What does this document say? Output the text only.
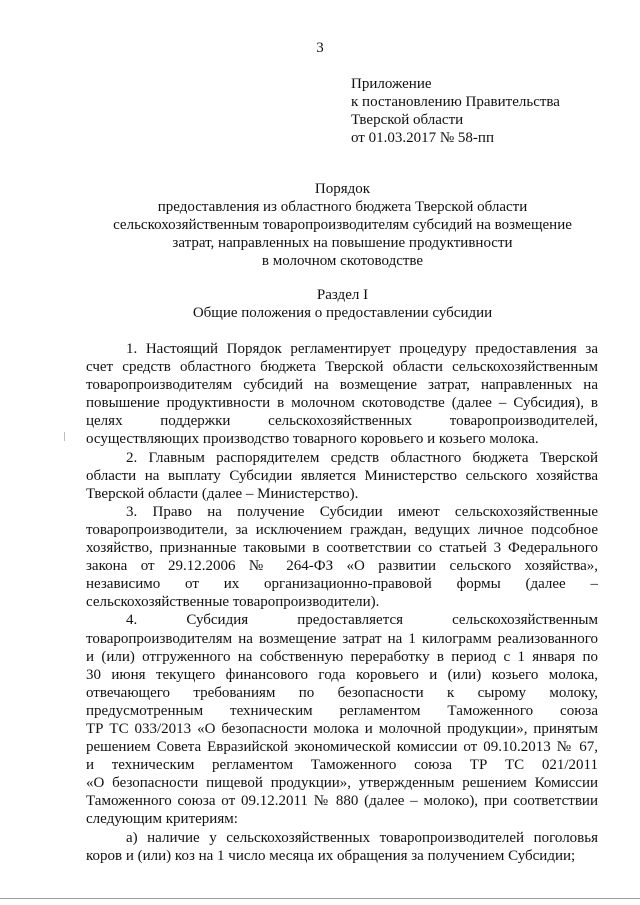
3
Приложение
к постановлению Правительства
Тверской области
от 01.03.2017 № 58-пп
Порядок
предоставления из областного бюджета Тверской области
сельскохозяйственным товаропроизводителям субсидий на возмещение
затрат, направленных на повышение продуктивности
в молочном скотоводстве
Раздел I
Общие положения о предоставлении субсидии
1. Настоящий Порядок регламентирует процедуру предоставления за
счет средств областного бюджета Тверской области сельскохозяйственным
товаропроизводителям субсидий на возмещение затрат, направленных на
повышение продуктивности в молочном скотоводстве (далее – Субсидия), в
целях поддержки сельскохозяйственных товаропроизводителей,
осуществляющих производство товарного коровьего и козьего молока.
2. Главным распорядителем средств областного бюджета Тверской
области на выплату Субсидии является Министерство сельского хозяйства
Тверской области (далее – Министерство).
3. Право на получение Субсидии имеют сельскохозяйственные
товаропроизводители, за исключением граждан, ведущих личное подсобное
хозяйство, признанные таковыми в соответствии со статьей 3 Федерального
закона от 29.12.2006 № 264-ФЗ «О развитии сельского хозяйства»,
независимо от их организационно-правовой формы (далее –
сельскохозяйственные товаропроизводители).
4. Субсидия предоставляется сельскохозяйственным
товаропроизводителям на возмещение затрат на 1 килограмм реализованного
и (или) отгруженного на собственную переработку в период с 1 января по
30 июня текущего финансового года коровьего и (или) козьего молока,
отвечающего требованиям по безопасности к сырому молоку,
предусмотренным техническим регламентом Таможенного союза
ТР ТС 033/2013 «О безопасности молока и молочной продукции», принятым
решением Совета Евразийской экономической комиссии от 09.10.2013 № 67,
и техническим регламентом Таможенного союза ТР ТС 021/2011
«О безопасности пищевой продукции», утвержденным решением Комиссии
Таможенного союза от 09.12.2011 № 880 (далее – молоко), при соответствии
следующим критериям:
а) наличие у сельскохозяйственных товаропроизводителей поголовья
коров и (или) коз на 1 число месяца их обращения за получением Субсидии;
